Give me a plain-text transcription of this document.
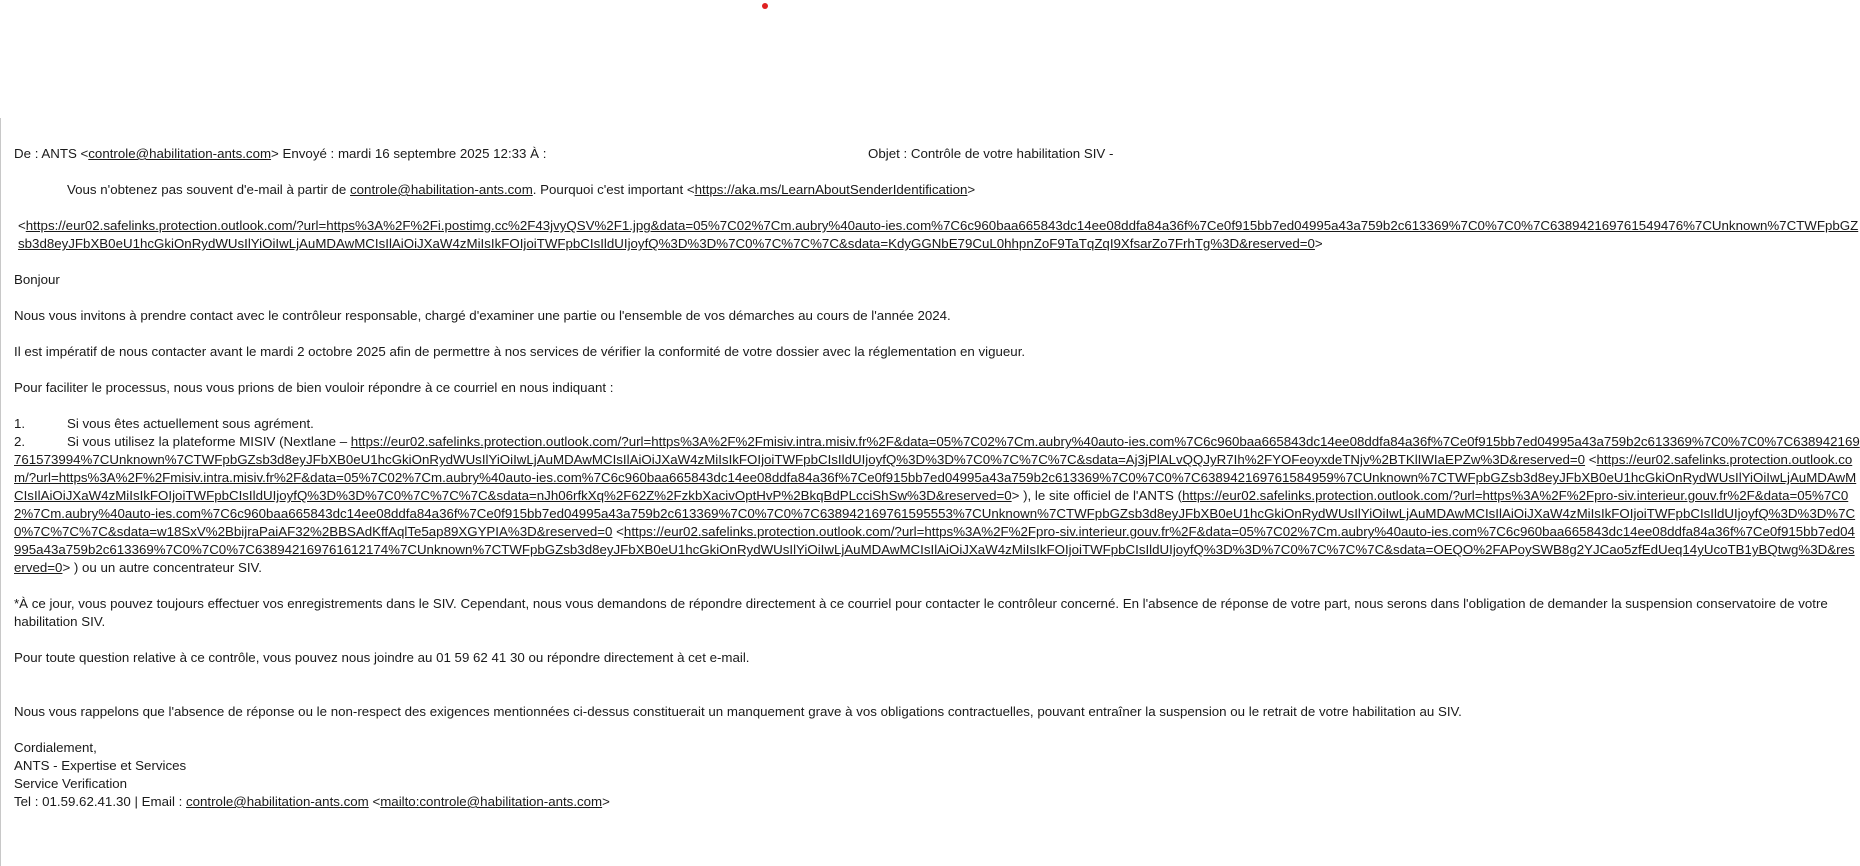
De : ANTS <controle@habilitation-ants.com> Envoyé : mardi 16 septembre 2025 12:33 À :	Objet : Contrôle de votre habilitation SIV -
Vous n'obtenez pas souvent d'e-mail à partir de controle@habilitation-ants.com. Pourquoi c'est important <https://aka.ms/LearnAboutSenderIdentification>
<https://eur02.safelinks.protection.outlook.com/?url=https%3A%2F%2Fi.postimg.cc%2F43jvyQSV%2F1.jpg&data=05%7C02%7Cm.aubry%40auto-ies.com%7C6c960baa665843dc14ee08ddfa84a36f%7Ce0f915bb7ed04995a43a759b2c613369%7C0%7C0%7C638942169761549476%7CUnknown%7CTWFpbGZsb3d8eyJFbXB0eU1hcGkiOnRydWUsIlYiOiIwLjAuMDAwMCIsIlAiOiJXaW4zMiIsIkFOIjoiTWFpbCIsIldUIjoyfQ%3D%3D%7C0%7C%7C%7C&sdata=KdyGGNbE79CuL0hhpnZoF9TaTqZqI9XfsarZo7FrhTg%3D&reserved=0>
Bonjour
Nous vous invitons à prendre contact avec le contrôleur responsable, chargé d'examiner une partie ou l'ensemble de vos démarches au cours de l'année 2024.
Il est impératif de nous contacter avant le mardi 2 octobre 2025 afin de permettre à nos services de vérifier la conformité de votre dossier avec la réglementation en vigueur.
Pour faciliter le processus, nous vous prions de bien vouloir répondre à ce courriel en nous indiquant :
1.	Si vous êtes actuellement sous agrément.
2.	Si vous utilisez la plateforme MISIV (Nextlane – https://eur02.safelinks.protection.outlook.com/?url=https%3A%2F%2Fmisiv.intra.misiv.fr%2F&data=05%7C02%7Cm.aubry%40auto-ies.com%7C6c960baa665843dc14ee08ddfa84a36f%7Ce0f915bb7ed04995a43a759b2c613369%7C0%7C0%7C638942169761573994%7CUnknown%7CTWFpbGZsb3d8eyJFbXB0eU1hcGkiOnRydWUsIlYiOiIwLjAuMDAwMCIsIlAiOiJXaW4zMiIsIkFOIjoiTWFpbCIsIldUIjoyfQ%3D%3D%7C0%7C%7C%7C&sdata=Aj3jPlALvQQJyR7Ih%2FYOFeoyxdeTNjv%2BTKlIWIaEPZw%3D&reserved=0 <https://eur02.safelinks.protection.outlook.com/?url=https%3A%2F%2Fmisiv.intra.misiv.fr%2F&data=05%7C02%7Cm.aubry%40auto-ies.com%7C6c960baa665843dc14ee08ddfa84a36f%7Ce0f915bb7ed04995a43a759b2c613369%7C0%7C0%7C638942169761584959%7CUnknown%7CTWFpbGZsb3d8eyJFbXB0eU1hcGkiOnRydWUsIlYiOiIwLjAuMDAwMCIsIlAiOiJXaW4zMiIsIkFOIjoiTWFpbCIsIldUIjoyfQ%3D%3D%7C0%7C%7C%7C&sdata=nJh06rfkXq%2F62Z%2FzkbXacivOptHvP%2BkqBdPLcciShSw%3D&reserved=0> ), le site officiel de l'ANTS (https://eur02.safelinks.protection.outlook.com/?url=https%3A%2F%2Fpro-siv.interieur.gouv.fr%2F&data=05%7C02%7Cm.aubry%40auto-ies.com%7C6c960baa665843dc14ee08ddfa84a36f%7Ce0f915bb7ed04995a43a759b2c613369%7C0%7C0%7C638942169761595553%7CUnknown%7CTWFpbGZsb3d8eyJFbXB0eU1hcGkiOnRydWUsIlYiOiIwLjAuMDAwMCIsIlAiOiJXaW4zMiIsIkFOIjoiTWFpbCIsIldUIjoyfQ%3D%3D%7C0%7C%7C%7C&sdata=w18SxV%2BbijraPaiAF32%2BBSAdKffAqlTe5ap89XGYPIA%3D&reserved=0 <https://eur02.safelinks.protection.outlook.com/?url=https%3A%2F%2Fpro-siv.interieur.gouv.fr%2F&data=05%7C02%7Cm.aubry%40auto-ies.com%7C6c960baa665843dc14ee08ddfa84a36f%7Ce0f915bb7ed04995a43a759b2c613369%7C0%7C0%7C638942169761612174%7CUnknown%7CTWFpbGZsb3d8eyJFbXB0eU1hcGkiOnRydWUsIlYiOiIwLjAuMDAwMCIsIlAiOiJXaW4zMiIsIkFOIjoiTWFpbCIsIldUIjoyfQ%3D%3D%7C0%7C%7C%7C&sdata=OEQO%2FAPoySWB8g2YJCao5zfEdUeq14yUcoTB1yBQtwg%3D&reserved=0> ) ou un autre concentrateur SIV.
*À ce jour, vous pouvez toujours effectuer vos enregistrements dans le SIV. Cependant, nous vous demandons de répondre directement à ce courriel pour contacter le contrôleur concerné. En l'absence de réponse de votre part, nous serons dans l'obligation de demander la suspension conservatoire de votre habilitation SIV.
Pour toute question relative à ce contrôle, vous pouvez nous joindre au 01 59 62 41 30 ou répondre directement à cet e-mail.
Nous vous rappelons que l'absence de réponse ou le non-respect des exigences mentionnées ci-dessus constituerait un manquement grave à vos obligations contractuelles, pouvant entraîner la suspension ou le retrait de votre habilitation au SIV.
Cordialement,
ANTS - Expertise et Services
Service Verification
Tel : 01.59.62.41.30 | Email : controle@habilitation-ants.com <mailto:controle@habilitation-ants.com>
